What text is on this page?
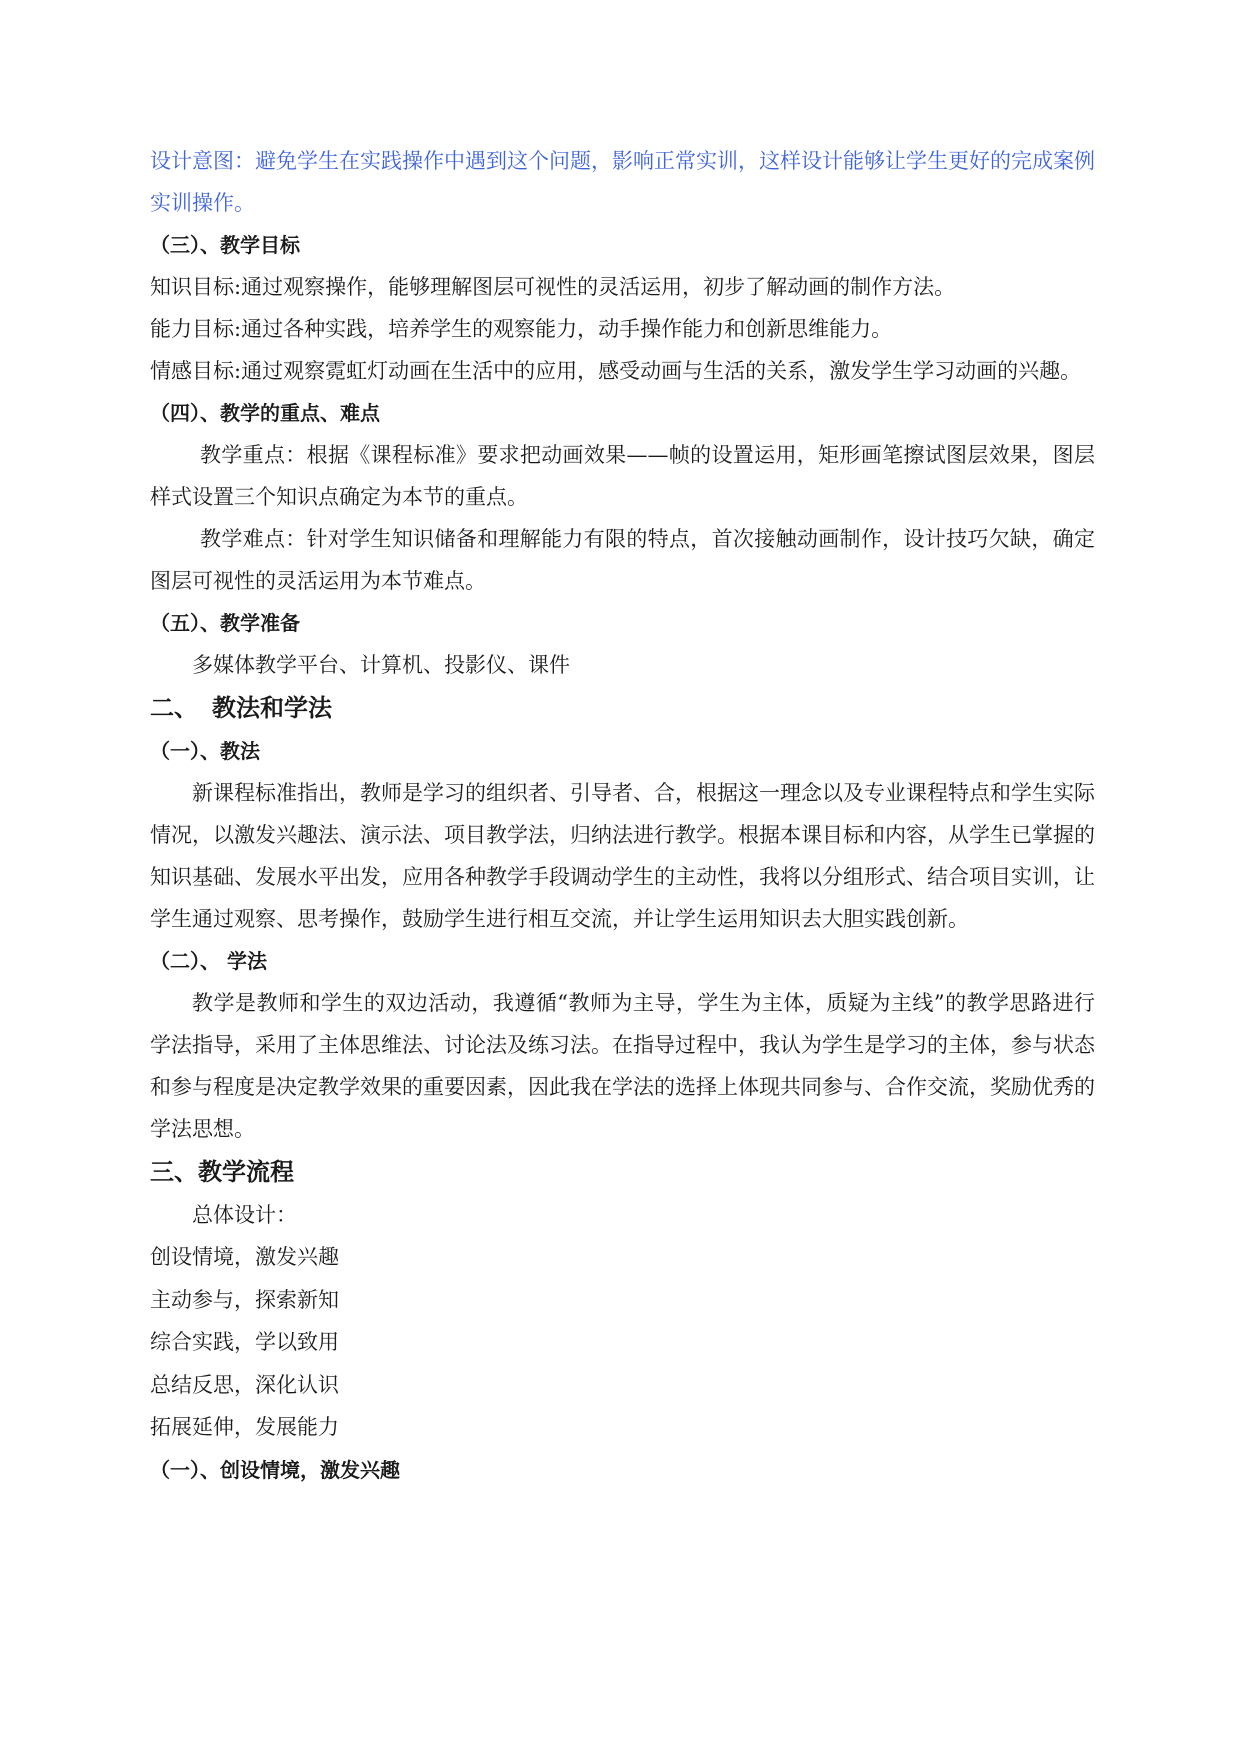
设计意图：避免学生在实践操作中遇到这个问题，影响正常实训，这样设计能够让学生更好的完成案例实训操作。

（三）、教学目标

知识目标:通过观察操作，能够理解图层可视性的灵活运用，初步了解动画的制作方法。

能力目标:通过各种实践，培养学生的观察能力，动手操作能力和创新思维能力。

情感目标:通过观察霓虹灯动画在生活中的应用，感受动画与生活的关系，激发学生学习动画的兴趣。

（四）、教学的重点、难点

教学重点：根据《课程标准》要求把动画效果——帧的设置运用，矩形画笔擦试图层效果，图层样式设置三个知识点确定为本节的重点。

教学难点：针对学生知识储备和理解能力有限的特点，首次接触动画制作，设计技巧欠缺，确定图层可视性的灵活运用为本节难点。

（五）、教学准备

多媒体教学平台、计算机、投影仪、课件

二、 教法和学法
（一）、教法

新课程标准指出，教师是学习的组织者、引导者、合，根据这一理念以及专业课程特点和学生实际情况，以激发兴趣法、演示法、项目教学法，归纳法进行教学。根据本课目标和内容，从学生已掌握的知识基础、发展水平出发，应用各种教学手段调动学生的主动性，我将以分组形式、结合项目实训，让学生通过观察、思考操作，鼓励学生进行相互交流，并让学生运用知识去大胆实践创新。

（二）、 学法

教学是教师和学生的双边活动，我遵循“教师为主导，学生为主体，质疑为主线”的教学思路进行学法指导，采用了主体思维法、讨论法及练习法。在指导过程中，我认为学生是学习的主体，参与状态和参与程度是决定教学效果的重要因素，因此我在学法的选择上体现共同参与、合作交流，奖励优秀的学法思想。

三、教学流程

总体设计：

创设情境，激发兴趣

主动参与，探索新知

综合实践，学以致用

总结反思，深化认识

拓展延伸，发展能力

（一）、创设情境，激发兴趣
